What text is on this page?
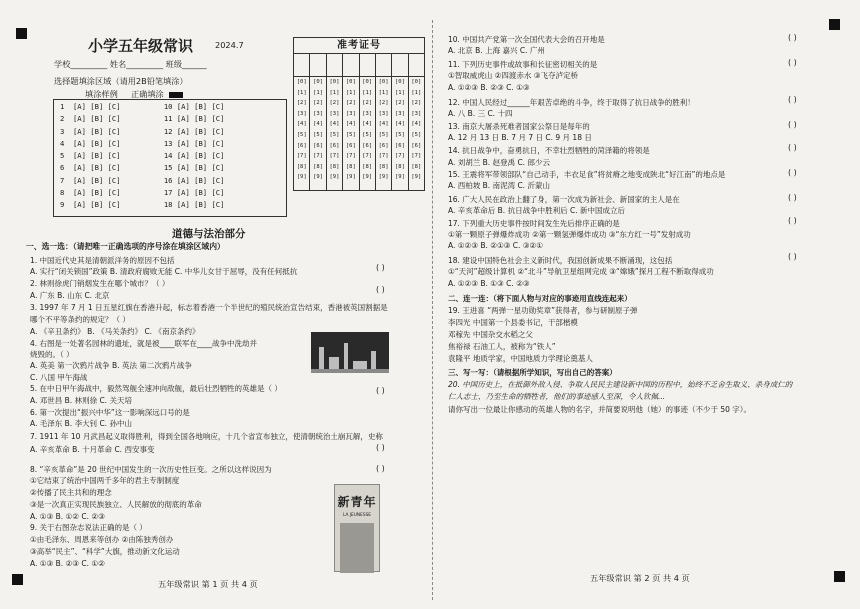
小学五年级常识	2024.7
学校_________ 姓名_________ 班级______
选择题填涂区域（请用2B铅笔填涂）
填涂样例 正确填涂
1  [A] [B] [C]          10 [A] [B] [C]
2  [A] [B] [C]          11 [A] [B] [C]
3  [A] [B] [C]          12 [A] [B] [C]
4  [A] [B] [C]          13 [A] [B] [C]
5  [A] [B] [C]          14 [A] [B] [C]
6  [A] [B] [C]          15 [A] [B] [C]
7  [A] [B] [C]          16 [A] [B] [C]
8  [A] [B] [C]          17 [A] [B] [C]
9  [A] [B] [C]          18 [A] [B] [C]
准考证号
[0]
[1]
[2]
[3]
[4]
[5]
[6]
[7]
[8]
[9]
[0]
[1]
[2]
[3]
[4]
[5]
[6]
[7]
[8]
[9]
[0]
[1]
[2]
[3]
[4]
[5]
[6]
[7]
[8]
[9]
[0]
[1]
[2]
[3]
[4]
[5]
[6]
[7]
[8]
[9]
[0]
[1]
[2]
[3]
[4]
[5]
[6]
[7]
[8]
[9]
[0]
[1]
[2]
[3]
[4]
[5]
[6]
[7]
[8]
[9]
[0]
[1]
[2]
[3]
[4]
[5]
[6]
[7]
[8]
[9]
[0]
[1]
[2]
[3]
[4]
[5]
[6]
[7]
[8]
[9]
道德与法治部分
一、选一选：（请把唯一正确选项的序号涂在填涂区域内）
1. 中国近代史其是清朝派洋务的原因不包括
A. 实行“闭关锁国”政策 B. 清政府腐败无能 C. 中华儿女甘于屈辱，没有任何抵抗
2. 林则徐虎门销烟发生在哪个城市？（ ）
A. 广东 B. 山东 C. 北京
3. 1997 年 7 月 1 日五星红旗在香港升起，标志着香港一个半世纪的殖民统治宣告结束，香港被英国割据是
哪个不平等条约的规定？（ ）
A. 《辛丑条约》 B. 《马关条约》 C. 《南京条约》
4. 右图是一处著名园林的遗址，就是被____联军在____战争中洗劫并
烧毁的。（ ）
A. 英美 第一次鸦片战争 B. 英法 第二次鸦片战争
C. 八国 甲午海战
5. 在中日甲午海战中，毅然驾舰全速冲向敌舰，最后壮烈牺牲的英雄是（ ）
A. 邓世昌 B. 林则徐 C. 关天培
6. 第一次提出“振兴中华”这一影响深远口号的是
A. 毛泽东 B. 李大钊 C. 孙中山
7. 1911 年 10 月武昌起义取得胜利，得到全国各地响应，十几个省宣布独立，使清朝统治土崩瓦解，史称
A. 辛亥革命 B. 十月革命 C. 西安事变
8. “辛亥革命”是 20 世纪中国发生的一次历史性巨变。之所以这样说因为
①它结束了统治中国两千多年的君主专制制度
②传播了民主共和的理念
③是一次真正实现民族独立、人民解放的彻底的革命
A. ①③ B. ①② C. ②③
9. 关于右图杂志说法正确的是（ ）
①由毛泽东、周恩来等创办 ②由陈独秀创办
③高举“民主”、“科学”大旗，推动新文化运动
A. ①③ B. ②③ C. ①②
( )
( )
( )
( )
( )
新青年
LA JEUNESSE
五年级常识 第 1 页 共 4 页
10. 中国共产党第一次全国代表大会的召开地是
A. 北京 B. 上海 嘉兴 C. 广州
11. 下列历史事件或故事和长征密切相关的是
①智取威虎山 ②四渡赤水 ③飞夺泸定桥
A. ①②③ B. ②③ C. ①③
12. 中国人民经过______年艰苦卓绝的斗争，终于取得了抗日战争的胜利！
A. 八 B. 三 C. 十四
13. 南京大屠杀死难者国家公祭日是每年的
A. 12 月 13 日 B. 7 月 7 日 C. 9 月 18 日
14. 抗日战争中，奋勇抗日，不幸壮烈牺牲的菏泽籍的将领是
A. 刘胡兰 B. 赵登禹 C. 郎少云
15. 王震将军带领部队“自己动手，丰衣足食”将贫瘠之地变成陕北“好江南”的地点是
A. 西柏坡 B. 南泥湾 C. 沂蒙山
16. 广大人民在政治上翻了身，第一次成为新社会、新国家的主人是在
A. 辛亥革命后 B. 抗日战争中胜利后 C. 新中国成立后
17. 下列重大历史事件按时间发生先后排序正确的是
①第一颗原子弹爆炸成功 ②第一颗氢弹爆炸成功 ③“东方红一号”发射成功
A. ①②③ B. ②①③ C. ③②①
18. 建设中国特色社会主义新时代，我国创新成果不断涌现，这包括
①“天河”超级计算机 ②“北斗”导航卫星组网完成 ③“嫦娥”探月工程不断取得成功
A. ①②③ B. ①③ C. ②③
二、连一连：（将下面人物与对应的事迹用直线连起来）
19. 王进喜 “两弹一星功勋奖章”获得者，参与研制原子弹
李四光 中国第一个县委书记，干部楷模
邓稼先 中国杂交水稻之父
焦裕禄 石油工人，被称为“铁人”
袁隆平 地质学家，中国地质力学理论奠基人
三、写一写：（请根据所学知识，写出自己的答案）
20. 中国历史上，在抵御外敌入侵、争取人民民主建设新中国的历程中，始终不乏舍生取义、杀身成仁的
仁人志士，乃至生命的牺牲者，他们的事迹感人至深，令人钦佩...
请你写出一位最让你感动的英雄人物的名字，并简要说明他（她）的事迹（不少于 50 字）。
( )
( )
( )
( )
( )
( )
( )
( )
( )
五年级常识 第 2 页 共 4 页
